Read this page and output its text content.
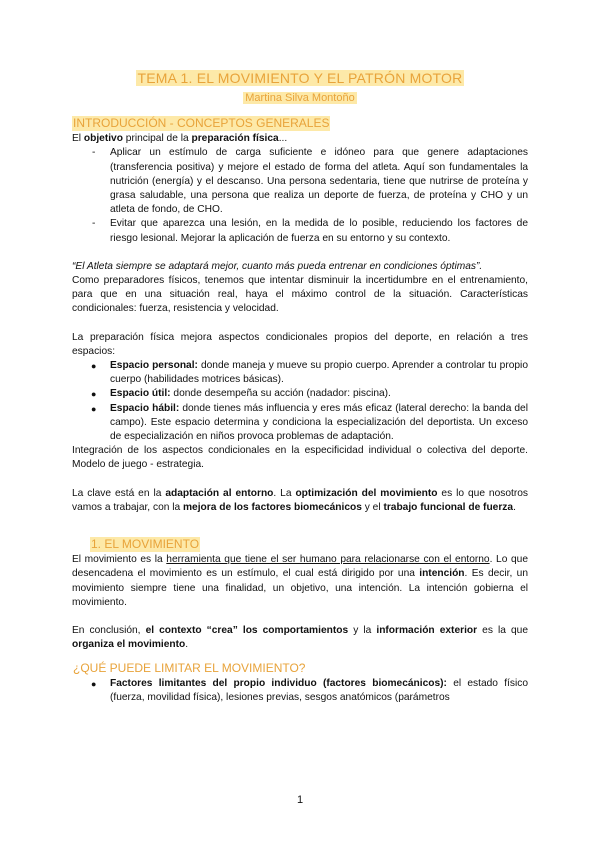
TEMA 1. EL MOVIMIENTO Y EL PATRÓN MOTOR
Martina Silva Montoño
INTRODUCCIÓN - CONCEPTOS GENERALES

El objetivo principal de la preparación física...

- Aplicar un estímulo de carga suficiente e idóneo para que genere adaptaciones (transferencia positiva) y mejore el estado de forma del atleta. Aquí son fundamentales la nutrición (energía) y el descanso. Una persona sedentaria, tiene que nutrirse de proteína y grasa saludable, una persona que realiza un deporte de fuerza, de proteína y CHO y un atleta de fondo, de CHO.
- Evitar que aparezca una lesión, en la medida de lo posible, reduciendo los factores de riesgo lesional. Mejorar la aplicación de fuerza en su entorno y su contexto.

“El Atleta siempre se adaptará mejor, cuanto más pueda entrenar en condiciones óptimas”.

Como preparadores físicos, tenemos que intentar disminuir la incertidumbre en el entrenamiento, para que en una situación real, haya el máximo control de la situación. Características condicionales: fuerza, resistencia y velocidad.

La preparación física mejora aspectos condicionales propios del deporte, en relación a tres espacios:

● Espacio personal: donde maneja y mueve su propio cuerpo. Aprender a controlar tu propio cuerpo (habilidades motrices básicas).
● Espacio útil: donde desempeña su acción (nadador: piscina).
● Espacio hábil: donde tienes más influencia y eres más eficaz (lateral derecho: la banda del campo). Este espacio determina y condiciona la especialización del deportista. Un exceso de especialización en niños provoca problemas de adaptación.

Integración de los aspectos condicionales en la especificidad individual o colectiva del deporte. Modelo de juego - estrategia.

La clave está en la adaptación al entorno. La optimización del movimiento es lo que nosotros vamos a trabajar, con la mejora de los factores biomecánicos y el trabajo funcional de fuerza.

1. EL MOVIMIENTO

El movimiento es la herramienta que tiene el ser humano para relacionarse con el entorno. Lo que desencadena el movimiento es un estímulo, el cual está dirigido por una intención. Es decir, un movimiento siempre tiene una finalidad, un objetivo, una intención. La intención gobierna el movimiento.

En conclusión, el contexto “crea” los comportamientos y la información exterior es la que organiza el movimiento.

¿QUÉ PUEDE LIMITAR EL MOVIMIENTO?
● Factores limitantes del propio individuo (factores biomecánicos): el estado físico (fuerza, movilidad física), lesiones previas, sesgos anatómicos (parámetros
1
